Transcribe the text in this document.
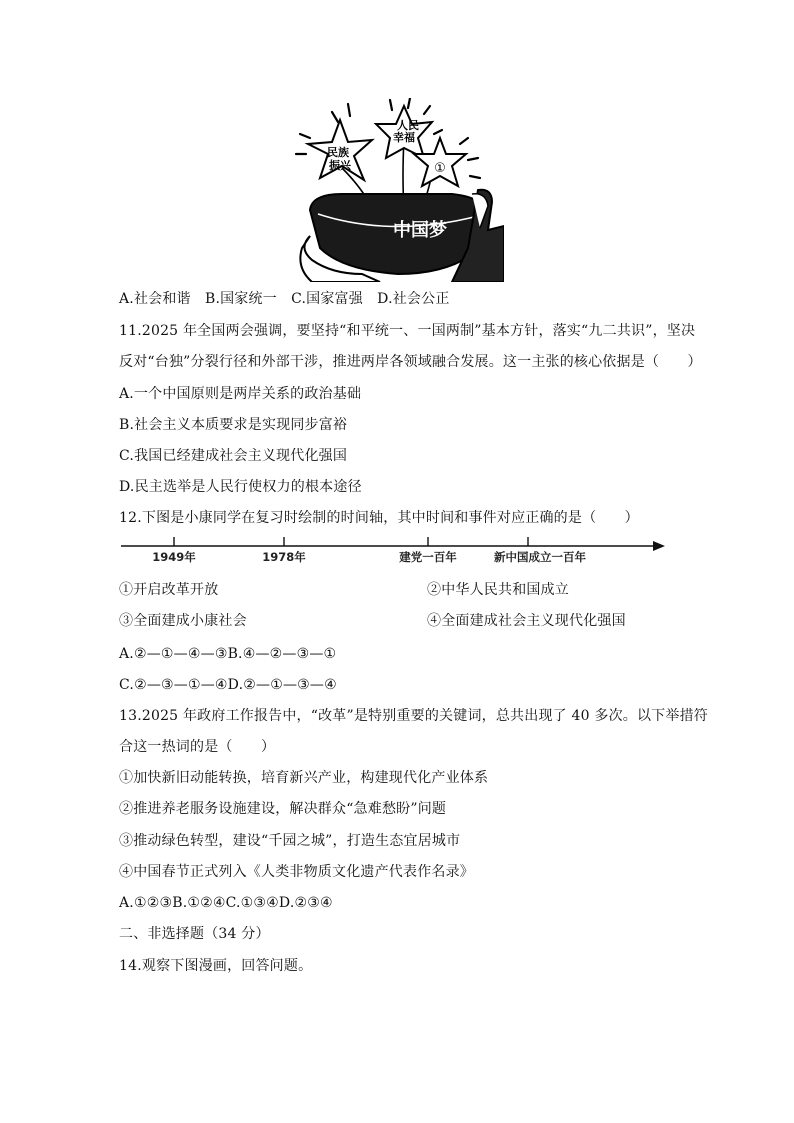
民族振兴
人民幸福
①
中国梦
A.社会和谐　B.国家统一　C.国家富强　D.社会公正
11.2025 年全国两会强调，要坚持“和平统一、一国两制”基本方针，落实“九二共识”，坚决
反对“台独”分裂行径和外部干涉，推进两岸各领域融合发展。这一主张的核心依据是（　　）
A.一个中国原则是两岸关系的政治基础
B.社会主义本质要求是实现同步富裕
C.我国已经建成社会主义现代化强国
D.民主选举是人民行使权力的根本途径
12.下图是小康同学在复习时绘制的时间轴，其中时间和事件对应正确的是（　　）
1949年	1978年	建党一百年	新中国成立一百年
①开启改革开放	②中华人民共和国成立
③全面建成小康社会	④全面建成社会主义现代化强国
A.②—①—④—③B.④—②—③—①
C.②—③—①—④D.②—①—③—④
13.2025 年政府工作报告中，“改革”是特别重要的关键词，总共出现了 40 多次。以下举措符
合这一热词的是（　　）
①加快新旧动能转换，培育新兴产业，构建现代化产业体系
②推进养老服务设施建设，解决群众“急难愁盼”问题
③推动绿色转型，建设“千园之城”，打造生态宜居城市
④中国春节正式列入《人类非物质文化遗产代表作名录》
A.①②③B.①②④C.①③④D.②③④
二、非选择题（34 分）
14.观察下图漫画，回答问题。
